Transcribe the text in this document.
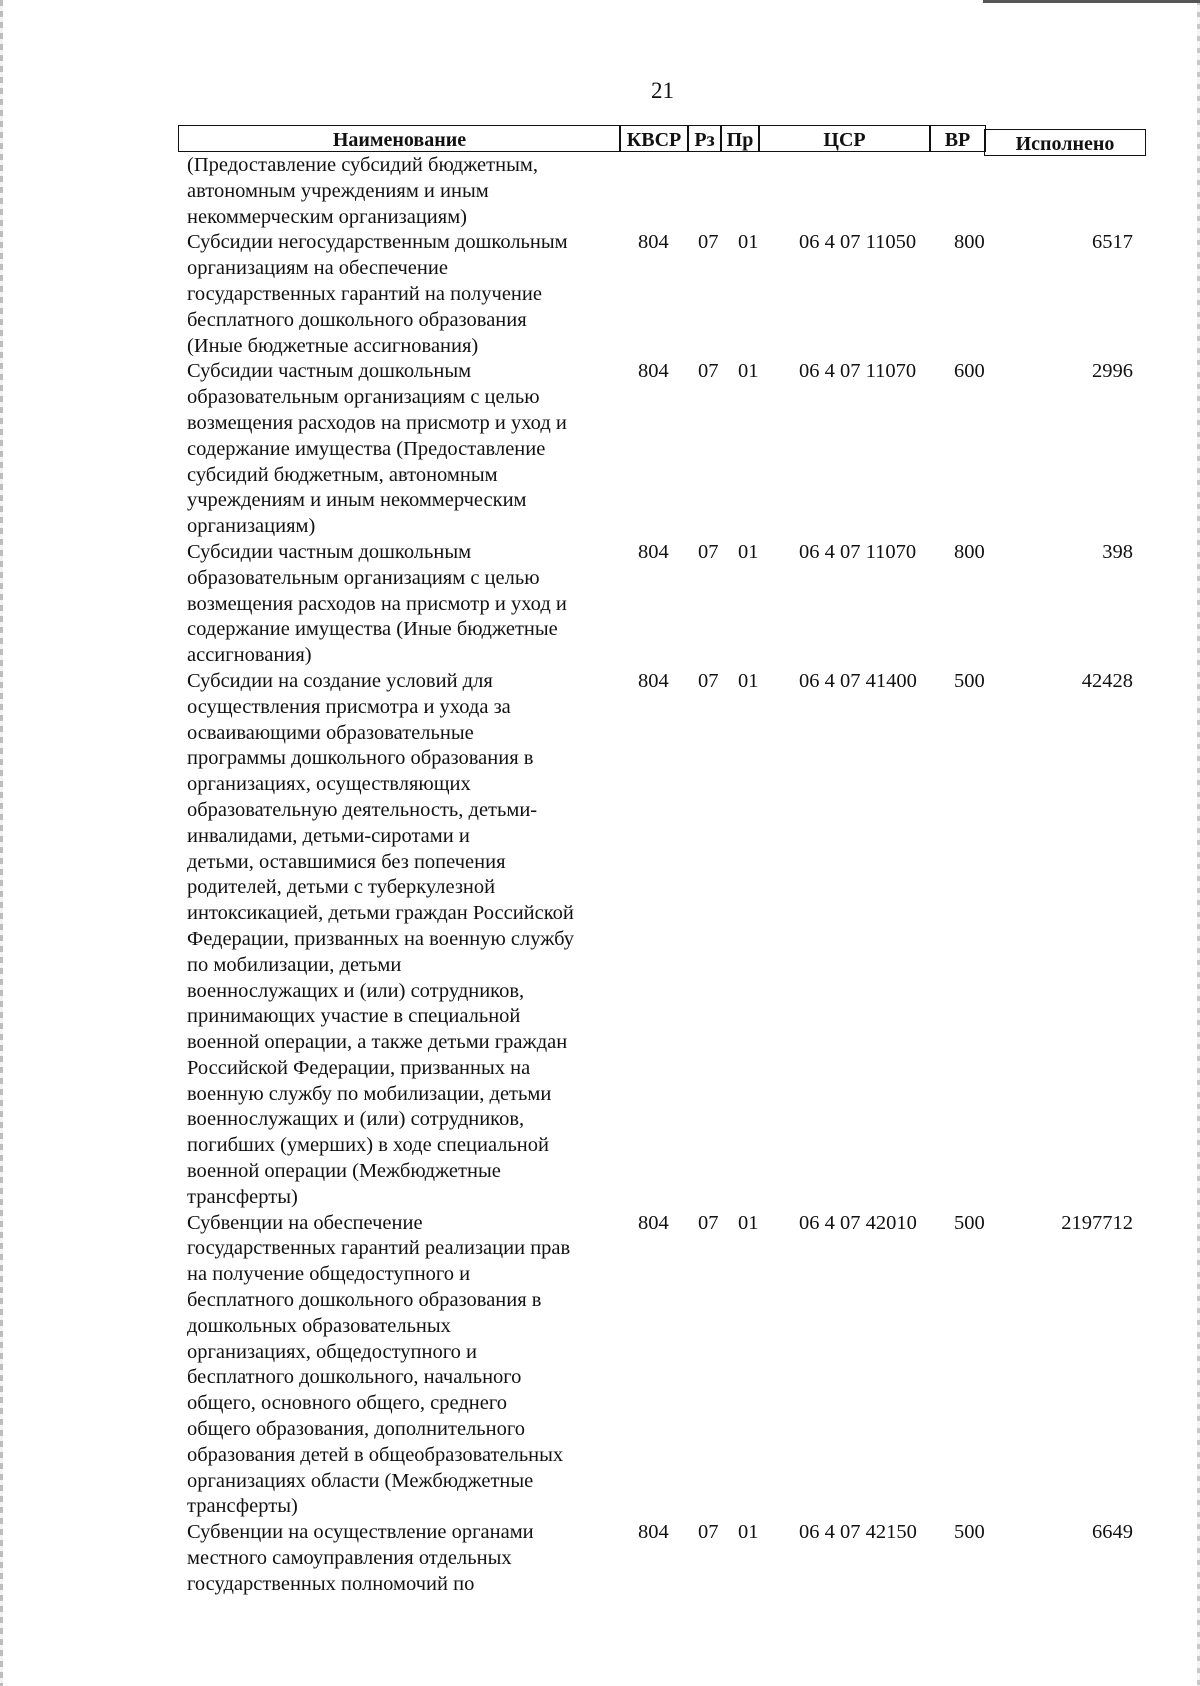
21
Наименование	КВСР Рз Пр	ЦСР	ВР	Исполнено
(Предоставление субсидий бюджетным,
автономным учреждениям и иным
некоммерческим организациям)
Субсидии негосударственным дошкольным
организациям на обеспечение
государственных гарантий на получение
бесплатного дошкольного образования
(Иные бюджетные ассигнования)
804	07 01	06 4 07 11050	800	6517
Субсидии частным дошкольным
образовательным организациям с целью
возмещения расходов на присмотр и уход и
содержание имущества (Предоставление
субсидий бюджетным, автономным
учреждениям и иным некоммерческим
организациям)
804	07 01	06 4 07 11070	600	2996
Субсидии частным дошкольным
образовательным организациям с целью
возмещения расходов на присмотр и уход и
содержание имущества (Иные бюджетные
ассигнования)
804	07 01	06 4 07 11070	800	398
Субсидии на создание условий для
осуществления присмотра и ухода за
осваивающими образовательные
программы дошкольного образования в
организациях, осуществляющих
образовательную деятельность, детьми-
инвалидами, детьми-сиротами и
детьми, оставшимися без попечения
родителей, детьми с туберкулезной
интоксикацией, детьми граждан Российской
Федерации, призванных на военную службу
по мобилизации, детьми
военнослужащих и (или) сотрудников,
принимающих участие в специальной
военной операции, а также детьми граждан
Российской Федерации, призванных на
военную службу по мобилизации, детьми
военнослужащих и (или) сотрудников,
погибших (умерших) в ходе специальной
военной операции (Межбюджетные
трансферты)
804	07 01	06 4 07 41400	500	42428
Субвенции на обеспечение
государственных гарантий реализации прав
на получение общедоступного и
бесплатного дошкольного образования в
дошкольных образовательных
организациях, общедоступного и
бесплатного дошкольного, начального
общего, основного общего, среднего
общего образования, дополнительного
образования детей в общеобразовательных
организациях области (Межбюджетные
трансферты)
804	07 01	06 4 07 42010	500	2197712
Субвенции на осуществление органами
местного самоуправления отдельных
государственных полномочий по
804	07 01	06 4 07 42150	500	6649
